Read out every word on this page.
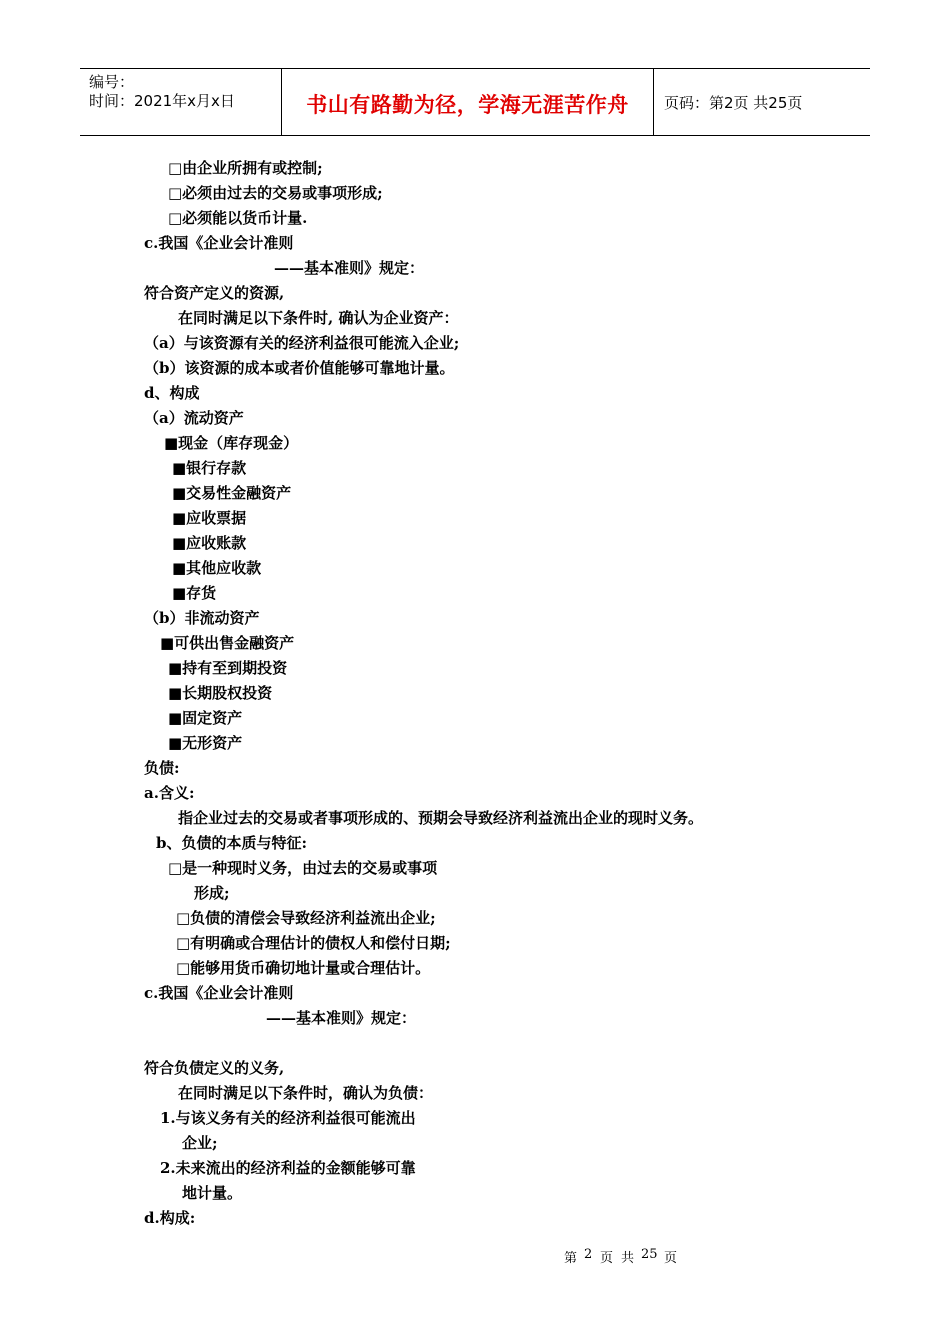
编号：
时间：2021年x月x日	书山有路勤为径，学海无涯苦作舟 页码：第2页 共25页
□由企业所拥有或控制;
□必须由过去的交易或事项形成;
□必须能以货币计量.
c.我国《企业会计准则
——基本准则》规定：
符合资产定义的资源,
在同时满足以下条件时, 确认为企业资产：
（a）与该资源有关的经济利益很可能流入企业;
（b）该资源的成本或者价值能够可靠地计量。
d、构成
（a）流动资产
■现金（库存现金）
■银行存款
■交易性金融资产
■应收票据
■应收账款
■其他应收款
■存货
（b）非流动资产
■可供出售金融资产
■持有至到期投资
■长期股权投资
■固定资产
■无形资产
负债:
a.含义:
指企业过去的交易或者事项形成的、预期会导致经济利益流出企业的现时义务。
b、负债的本质与特征:
□是一种现时义务，由过去的交易或事项
形成;
□负债的清偿会导致经济利益流出企业;
□有明确或合理估计的债权人和偿付日期;
□能够用货币确切地计量或合理估计。
c.我国《企业会计准则
——基本准则》规定：
符合负债定义的义务,
在同时满足以下条件时，确认为负债：
1.与该义务有关的经济利益很可能流出
企业;
2.未来流出的经济利益的金额能够可靠
地计量。
d.构成:
第 2 页 共 25 页
